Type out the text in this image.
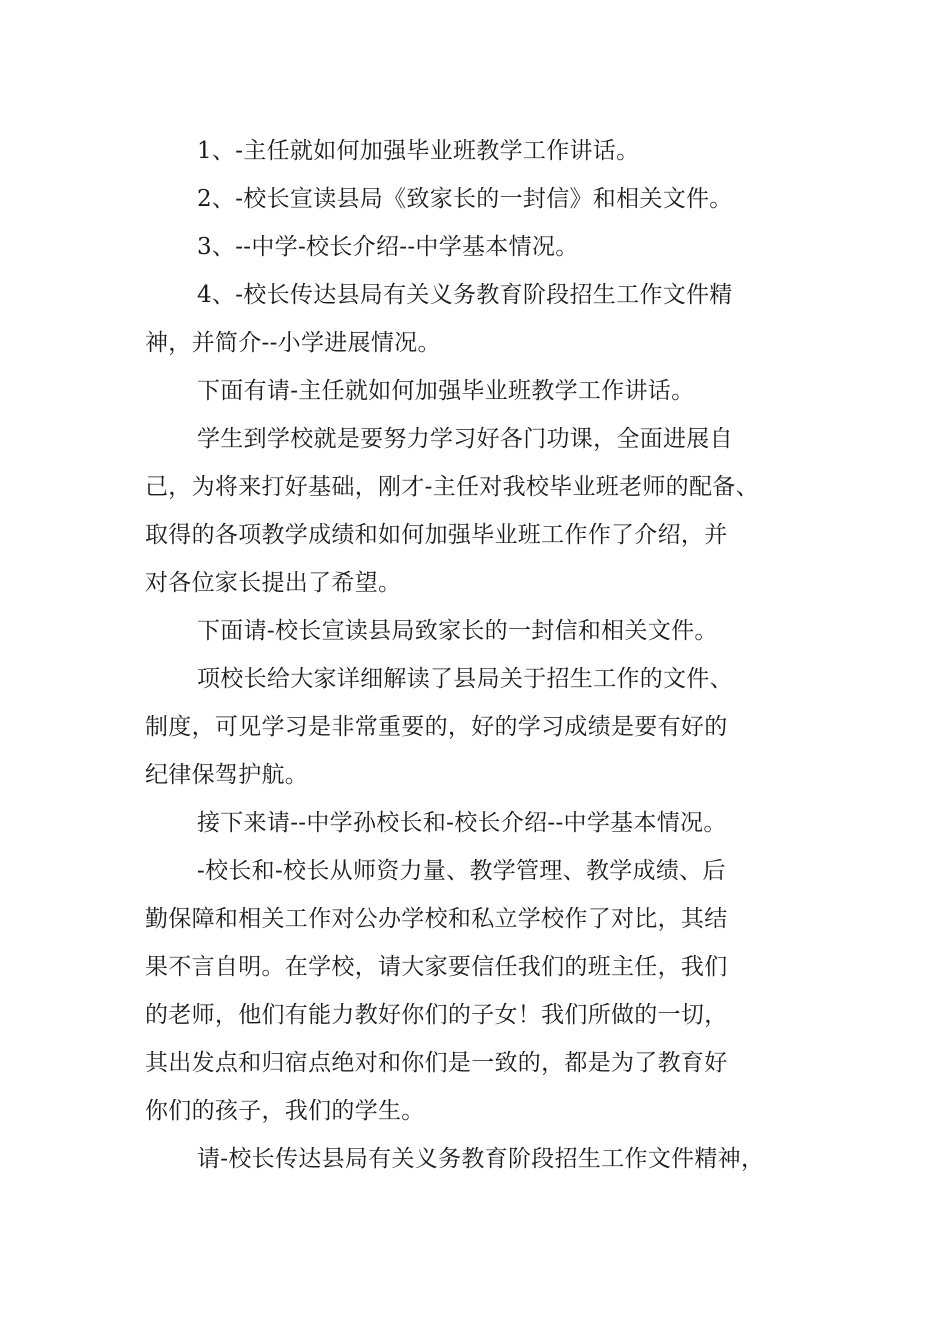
1、-主任就如何加强毕业班教学工作讲话。

2、-校长宣读县局《致家长的一封信》和相关文件。

3、--中学-校长介绍--中学基本情况。

4、-校长传达县局有关义务教育阶段招生工作文件精
神，并简介--小学进展情况。

下面有请-主任就如何加强毕业班教学工作讲话。

学生到学校就是要努力学习好各门功课，全面进展自
己，为将来打好基础，刚才-主任对我校毕业班老师的配备、
取得的各项教学成绩和如何加强毕业班工作作了介绍，并
对各位家长提出了希望。

下面请-校长宣读县局致家长的一封信和相关文件。

项校长给大家详细解读了县局关于招生工作的文件、
制度，可见学习是非常重要的，好的学习成绩是要有好的
纪律保驾护航。

接下来请--中学孙校长和-校长介绍--中学基本情况。

-校长和-校长从师资力量、教学管理、教学成绩、后
勤保障和相关工作对公办学校和私立学校作了对比，其结
果不言自明。在学校，请大家要信任我们的班主任，我们
的老师，他们有能力教好你们的子女！我们所做的一切，
其出发点和归宿点绝对和你们是一致的，都是为了教育好
你们的孩子，我们的学生。

请-校长传达县局有关义务教育阶段招生工作文件精神，
